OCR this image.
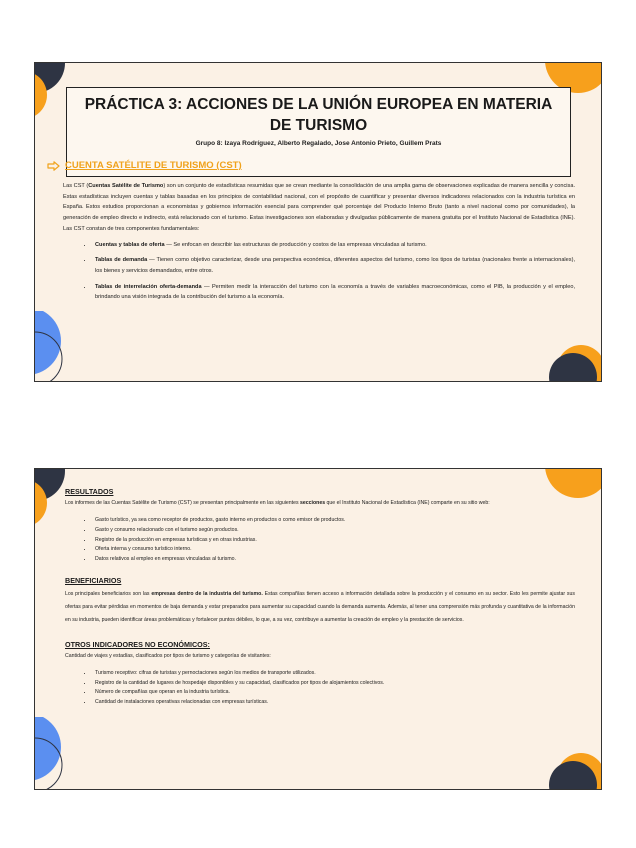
PRÁCTICA 3: ACCIONES DE LA UNIÓN EUROPEA EN MATERIA DE TURISMO
Grupo 8: Izaya Rodríguez, Alberto Regalado, Jose Antonio Prieto, Guillem Prats
CUENTA SATÉLITE DE TURISMO (CST)

Las CST (Cuentas Satélite de Turismo) son un conjunto de estadísticas resumidas que se crean mediante la consolidación de una amplia gama de observaciones explicadas de manera sencilla y concisa. Estas estadísticas incluyen cuentas y tablas basadas en los principios de contabilidad nacional, con el propósito de cuantificar y presentar diversos indicadores relacionados con la industria turística en España. Estos estudios proporcionan a economistas y gobiernos información esencial para comprender qué porcentaje del Producto Interno Bruto (tanto a nivel nacional como por comunidades), la generación de empleo directo e indirecto, está relacionado con el turismo. Estas investigaciones son elaboradas y divulgadas públicamente de manera gratuita por el Instituto Nacional de Estadística (INE). Las CST constan de tres componentes fundamentales:

• Cuentas y tablas de oferta — Se enfocan en describir las estructuras de producción y costos de las empresas vinculadas al turismo.
• Tablas de demanda — Tienen como objetivo caracterizar, desde una perspectiva económica, diferentes aspectos del turismo, como los tipos de turistas (nacionales frente a internacionales), los bienes y servicios demandados, entre otros.
• Tablas de interrelación oferta-demanda — Permiten medir la interacción del turismo con la economía a través de variables macroeconómicas, como el PIB, la producción y el empleo, brindando una visión integrada de la contribución del turismo a la economía.
RESULTADOS

Los informes de las Cuentas Satélite de Turismo (CST) se presentan principalmente en las siguientes secciones que el Instituto Nacional de Estadística (INE) comparte en su sitio web:

• Gasto turístico, ya sea como receptor de productos, gasto interno en productos o como emisor de productos.
• Gasto y consumo relacionado con el turismo según productos.
• Registro de la producción en empresas turísticas y en otras industrias.
• Oferta interna y consumo turístico interno.
• Datos relativos al empleo en empresas vinculadas al turismo.
BENEFICIARIOS

Los principales beneficiarios son las empresas dentro de la industria del turismo. Estas compañías tienen acceso a información detallada sobre la producción y el consumo en su sector. Esto les permite ajustar sus ofertas para evitar pérdidas en momentos de baja demanda y estar preparados para aumentar su capacidad cuando la demanda aumenta. Además, al tener una comprensión más profunda y cuantitativa de la información en su industria, pueden identificar áreas problemáticas y fortalecer puntos débiles, lo que, a su vez, contribuye a aumentar la creación de empleo y la prestación de servicios.

OTROS INDICADORES NO ECONÓMICOS:

Cantidad de viajes y estadías, clasificados por tipos de turismo y categorías de visitantes:

• Turismo receptivo: cifras de turistas y pernoctaciones según los medios de transporte utilizados.
• Registro de la cantidad de lugares de hospedaje disponibles y su capacidad, clasificados por tipos de alojamientos colectivos.
• Número de compañías que operan en la industria turística.
• Cantidad de instalaciones operativas relacionadas con empresas turísticas.
